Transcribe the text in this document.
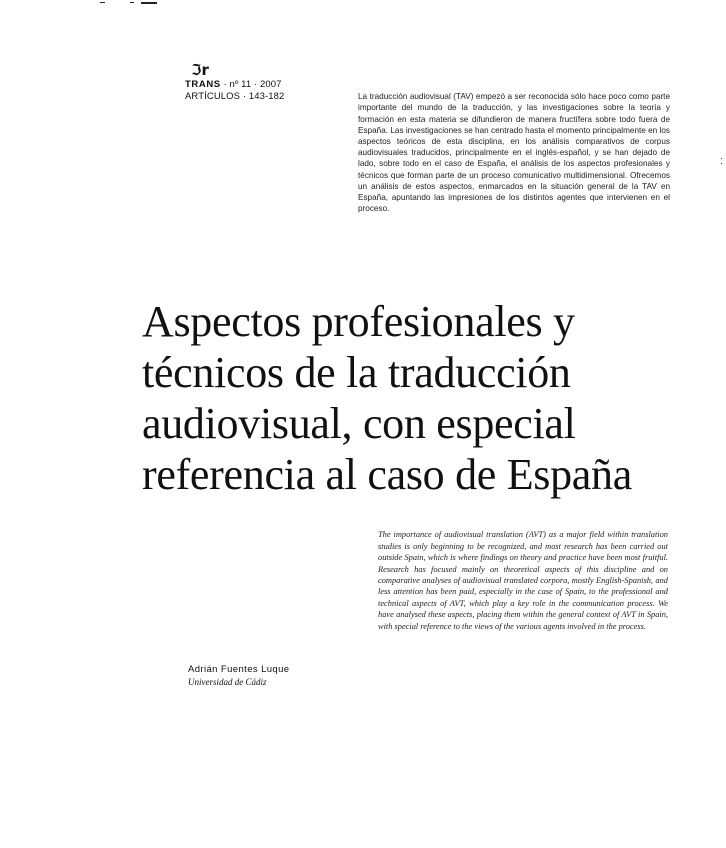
ℑr
TRANS · nº 11 · 2007
ARTÍCULOS · 143-182	La traducción audiovisual (TAV) empezó a ser reconocida sólo hace poco como parte importante del mundo de la traducción, y las investigaciones sobre la teoría y formación en esta materia se difundieron de manera fructífera sobre todo fuera de España. Las investigaciones se han centrado hasta el momento principalmente en los aspectos teóricos de esta disciplina, en los análisis comparativos de corpus audiovisuales traducidos, principalmente en el inglés-español, y se han dejado de lado, sobre todo en el caso de España, el análisis de los aspectos profesionales y técnicos que forman parte de un proceso comunicativo multidimensional. Ofrecemos un análisis de estos aspectos, enmarcados en la situación general de la TAV en España, apuntando las impresiones de los distintos agentes que intervienen en el proceso.

Aspectos profesionales y
técnicos de la traducción
audiovisual, con especial
referencia al caso de España

The importance of audiovisual translation (AVT) as a major field within translation studies is only beginning to be recognized, and most research has been carried out outside Spain, which is where findings on theory and practice have been most fruitful. Research has focused mainly on theoretical aspects of this discipline and on comparative analyses of audiovisual translated corpora, mostly English-Spanish, and less attention has been paid, especially in the case of Spain, to the professional and technical aspects of AVT, which play a key role in the communication process. We have analysed these aspects, placing them within the general context of AVT in Spain, with special reference to the views of the various agents involved in the process.

Adrián Fuentes Luque
Universidad de Cádiz
